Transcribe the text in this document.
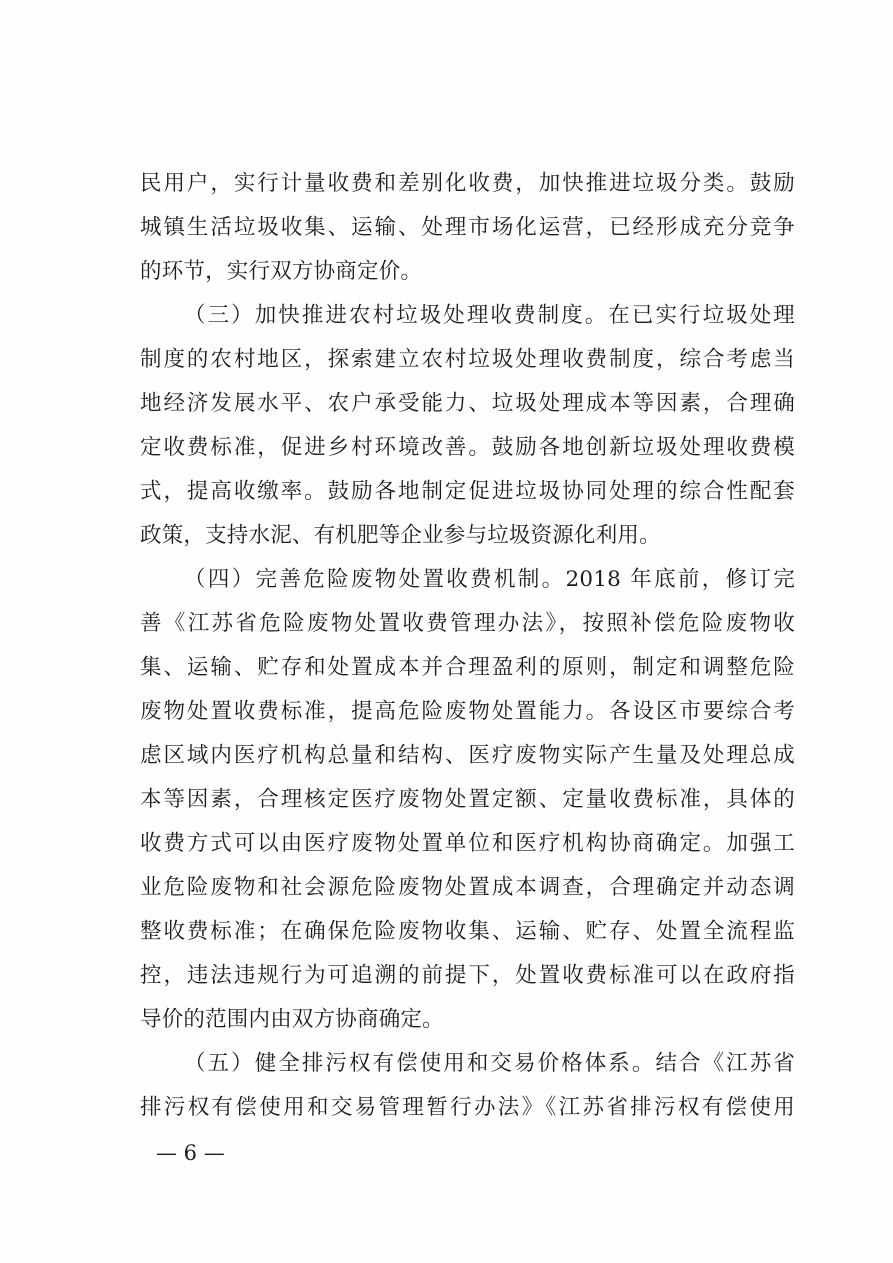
民用户，实行计量收费和差别化收费，加快推进垃圾分类。鼓励
城镇生活垃圾收集、运输、处理市场化运营，已经形成充分竞争
的环节，实行双方协商定价。
（三）加快推进农村垃圾处理收费制度。在已实行垃圾处理
制度的农村地区，探索建立农村垃圾处理收费制度，综合考虑当
地经济发展水平、农户承受能力、垃圾处理成本等因素，合理确
定收费标准，促进乡村环境改善。鼓励各地创新垃圾处理收费模
式，提高收缴率。鼓励各地制定促进垃圾协同处理的综合性配套
政策，支持水泥、有机肥等企业参与垃圾资源化利用。
（四）完善危险废物处置收费机制。2018 年底前，修订完
善《江苏省危险废物处置收费管理办法》，按照补偿危险废物收
集、运输、贮存和处置成本并合理盈利的原则，制定和调整危险
废物处置收费标准，提高危险废物处置能力。各设区市要综合考
虑区域内医疗机构总量和结构、医疗废物实际产生量及处理总成
本等因素，合理核定医疗废物处置定额、定量收费标准，具体的
收费方式可以由医疗废物处置单位和医疗机构协商确定。加强工
业危险废物和社会源危险废物处置成本调查，合理确定并动态调
整收费标准；在确保危险废物收集、运输、贮存、处置全流程监
控，违法违规行为可追溯的前提下，处置收费标准可以在政府指
导价的范围内由双方协商确定。
（五）健全排污权有偿使用和交易价格体系。结合《江苏省
排污权有偿使用和交易管理暂行办法》《江苏省排污权有偿使用
— 6 —
